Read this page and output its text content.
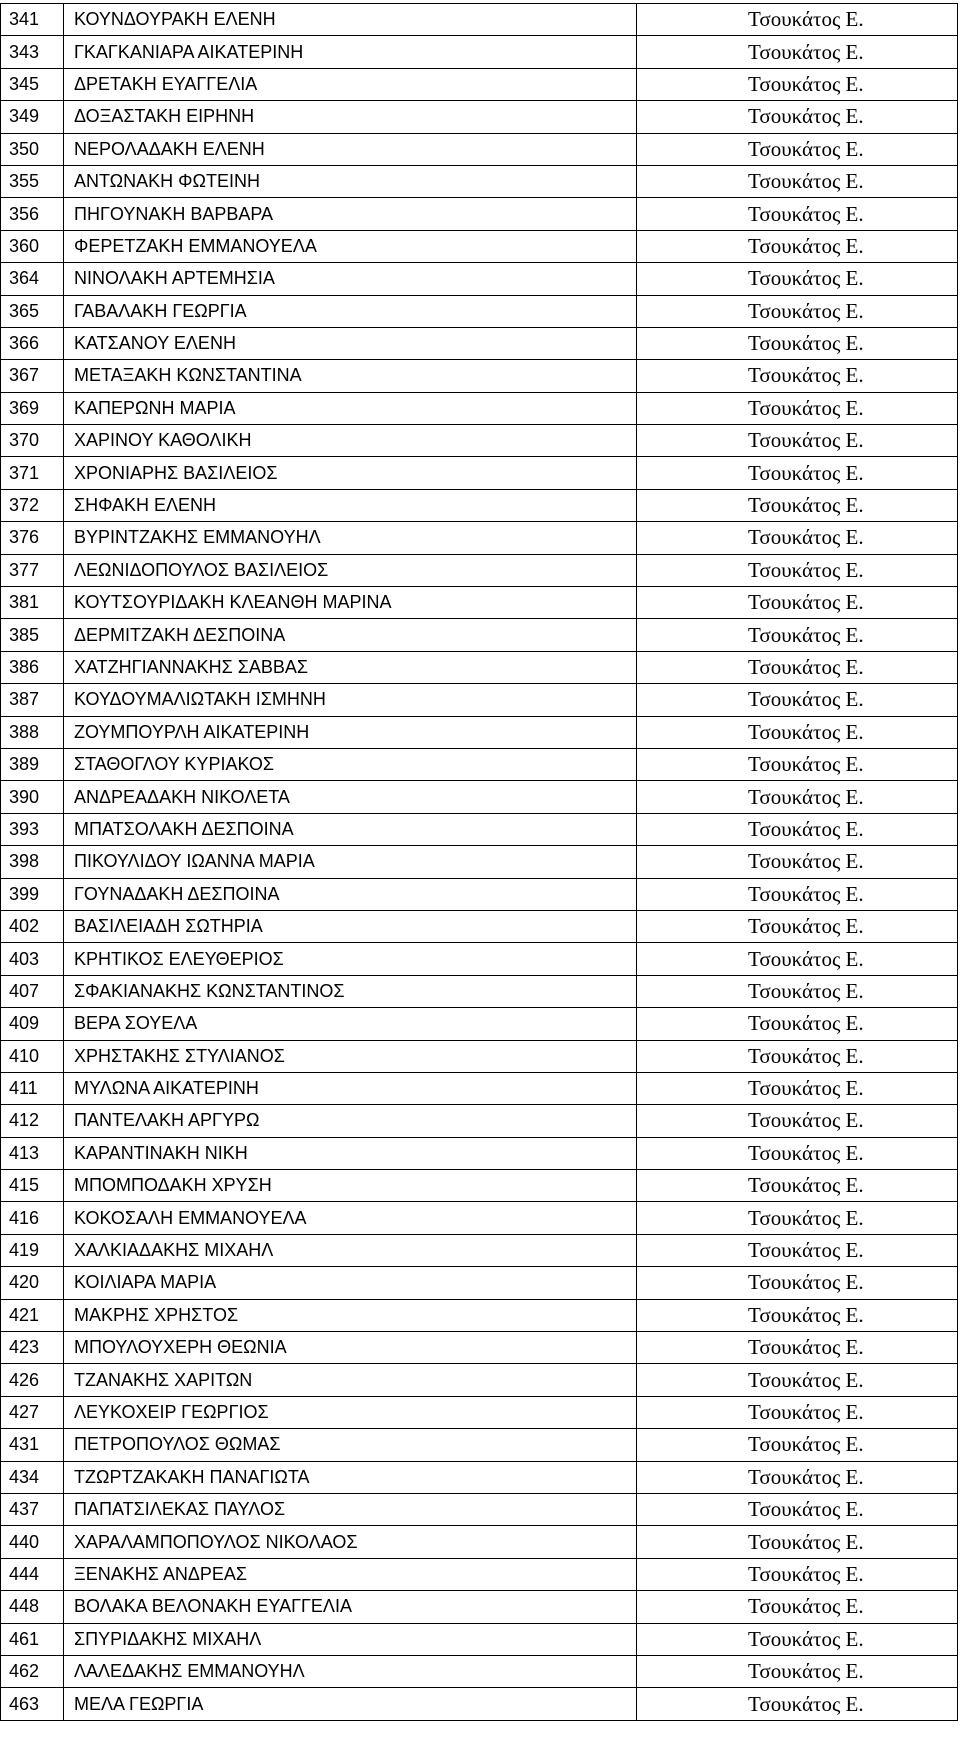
341	ΚΟΥΝΔΟΥΡΑΚΗ ΕΛΕΝΗ	Τσουκάτος Ε.
343	ΓΚΑΓΚΑΝΙΑΡΑ ΑΙΚΑΤΕΡΙΝΗ	Τσουκάτος Ε.
345	ΔΡΕΤΑΚΗ ΕΥΑΓΓΕΛΙΑ	Τσουκάτος Ε.
349	ΔΟΞΑΣΤΑΚΗ ΕΙΡΗΝΗ	Τσουκάτος Ε.
350	ΝΕΡΟΛΑΔΑΚΗ ΕΛΕΝΗ	Τσουκάτος Ε.
355	ΑΝΤΩΝΑΚΗ ΦΩΤΕΙΝΗ	Τσουκάτος Ε.
356	ΠΗΓΟΥΝΑΚΗ ΒΑΡΒΑΡΑ	Τσουκάτος Ε.
360	ΦΕΡΕΤΖΑΚΗ ΕΜΜΑΝΟΥΕΛΑ	Τσουκάτος Ε.
364	ΝΙΝΟΛΑΚΗ ΑΡΤΕΜΗΣΙΑ	Τσουκάτος Ε.
365	ΓΑΒΑΛΑΚΗ ΓΕΩΡΓΙΑ	Τσουκάτος Ε.
366	ΚΑΤΣΑΝΟΥ ΕΛΕΝΗ	Τσουκάτος Ε.
367	ΜΕΤΑΞΑΚΗ ΚΩΝΣΤΑΝΤΙΝΑ	Τσουκάτος Ε.
369	ΚΑΠΕΡΩΝΗ ΜΑΡΙΑ	Τσουκάτος Ε.
370	ΧΑΡΙΝΟΥ ΚΑΘΟΛΙΚΗ	Τσουκάτος Ε.
371	ΧΡΟΝΙΑΡΗΣ ΒΑΣΙΛΕΙΟΣ	Τσουκάτος Ε.
372	ΣΗΦΑΚΗ ΕΛΕΝΗ	Τσουκάτος Ε.
376	ΒΥΡΙΝΤΖΑΚΗΣ ΕΜΜΑΝΟΥΗΛ	Τσουκάτος Ε.
377	ΛΕΩΝΙΔΟΠΟΥΛΟΣ ΒΑΣΙΛΕΙΟΣ	Τσουκάτος Ε.
381	ΚΟΥΤΣΟΥΡΙΔΑΚΗ ΚΛΕΑΝΘΗ ΜΑΡΙΝΑ	Τσουκάτος Ε.
385	ΔΕΡΜΙΤΖΑΚΗ ΔΕΣΠΟΙΝΑ	Τσουκάτος Ε.
386	ΧΑΤΖΗΓΙΑΝΝΑΚΗΣ ΣΑΒΒΑΣ	Τσουκάτος Ε.
387	ΚΟΥΔΟΥΜΑΛΙΩΤΑΚΗ ΙΣΜΗΝΗ	Τσουκάτος Ε.
388	ΖΟΥΜΠΟΥΡΛΗ ΑΙΚΑΤΕΡΙΝΗ	Τσουκάτος Ε.
389	ΣΤΑΘΟΓΛΟΥ ΚΥΡΙΑΚΟΣ	Τσουκάτος Ε.
390	ΑΝΔΡΕΑΔΑΚΗ ΝΙΚΟΛΕΤΑ	Τσουκάτος Ε.
393	ΜΠΑΤΣΟΛΑΚΗ ΔΕΣΠΟΙΝΑ	Τσουκάτος Ε.
398	ΠΙΚΟΥΛΙΔΟΥ ΙΩΑΝΝΑ ΜΑΡΙΑ	Τσουκάτος Ε.
399	ΓΟΥΝΑΔΑΚΗ ΔΕΣΠΟΙΝΑ	Τσουκάτος Ε.
402	ΒΑΣΙΛΕΙΑΔΗ ΣΩΤΗΡΙΑ	Τσουκάτος Ε.
403	ΚΡΗΤΙΚΟΣ ΕΛΕΥΘΕΡΙΟΣ	Τσουκάτος Ε.
407	ΣΦΑΚΙΑΝΑΚΗΣ ΚΩΝΣΤΑΝΤΙΝΟΣ	Τσουκάτος Ε.
409	ΒΕΡΑ ΣΟΥΕΛΑ	Τσουκάτος Ε.
410	ΧΡΗΣΤΑΚΗΣ ΣΤΥΛΙΑΝΟΣ	Τσουκάτος Ε.
411	ΜΥΛΩΝΑ ΑΙΚΑΤΕΡΙΝΗ	Τσουκάτος Ε.
412	ΠΑΝΤΕΛΑΚΗ ΑΡΓΥΡΩ	Τσουκάτος Ε.
413	ΚΑΡΑΝΤΙΝΑΚΗ ΝΙΚΗ	Τσουκάτος Ε.
415	ΜΠΟΜΠΟΔΑΚΗ ΧΡΥΣΗ	Τσουκάτος Ε.
416	ΚΟΚΟΣΑΛΗ ΕΜΜΑΝΟΥΕΛΑ	Τσουκάτος Ε.
419	ΧΑΛΚΙΑΔΑΚΗΣ ΜΙΧΑΗΛ	Τσουκάτος Ε.
420	ΚΟΙΛΙΑΡΑ ΜΑΡΙΑ	Τσουκάτος Ε.
421	ΜΑΚΡΗΣ ΧΡΗΣΤΟΣ	Τσουκάτος Ε.
423	ΜΠΟΥΛΟΥΧΕΡΗ ΘΕΩΝΙΑ	Τσουκάτος Ε.
426	ΤΖΑΝΑΚΗΣ ΧΑΡΙΤΩΝ	Τσουκάτος Ε.
427	ΛΕΥΚΟΧΕΙΡ ΓΕΩΡΓΙΟΣ	Τσουκάτος Ε.
431	ΠΕΤΡΟΠΟΥΛΟΣ ΘΩΜΑΣ	Τσουκάτος Ε.
434	ΤΖΩΡΤΖΑΚΑΚΗ ΠΑΝΑΓΙΩΤΑ	Τσουκάτος Ε.
437	ΠΑΠΑΤΣΙΛΕΚΑΣ ΠΑΥΛΟΣ	Τσουκάτος Ε.
440	ΧΑΡΑΛΑΜΠΟΠΟΥΛΟΣ ΝΙΚΟΛΑΟΣ	Τσουκάτος Ε.
444	ΞΕΝΑΚΗΣ ΑΝΔΡΕΑΣ	Τσουκάτος Ε.
448	ΒΟΛΑΚΑ ΒΕΛΟΝΑΚΗ ΕΥΑΓΓΕΛΙΑ	Τσουκάτος Ε.
461	ΣΠΥΡΙΔΑΚΗΣ ΜΙΧΑΗΛ	Τσουκάτος Ε.
462	ΛΑΛΕΔΑΚΗΣ ΕΜΜΑΝΟΥΗΛ	Τσουκάτος Ε.
463	ΜΕΛΑ ΓΕΩΡΓΙΑ	Τσουκάτος Ε.
